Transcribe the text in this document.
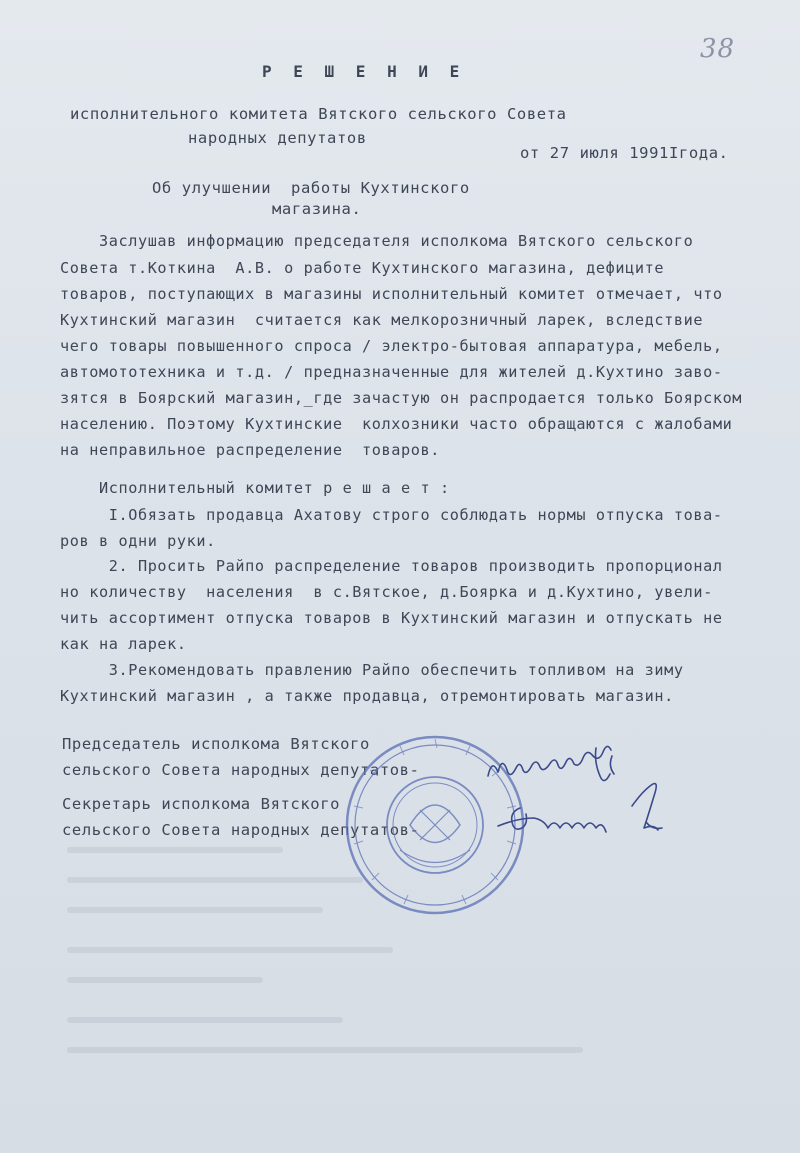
38
Р Е Ш Е Н И Е
исполнительного комитета Вятского сельского Совета
народных депутатов
от 27 июля 1991Iгода.
Об улучшении  работы Кухтинского
магазина.
Заслушав информацию председателя исполкома Вятского сельского
Совета т.Коткина  А.В. о работе Кухтинского магазина, дефиците
товаров, поступающих в магазины исполнительный комитет отмечает, что
Кухтинский магазин  считается как мелкорозничный ларек, вследствие
чего товары повышенного спроса / электро-бытовая аппаратура, мебель,
автомототехника и т.д. / предназначенные для жителей д.Кухтино заво-
зятся в Боярский магазин,_где зачастую он распродается только Боярском
населению. Поэтому Кухтинские  колхозники часто обращаются с жалобами
на неправильное распределение  товаров.
Исполнительный комитет р е ш а е т :
I.Обязать продавца Ахатову строго соблюдать нормы отпуска това-
ров в одни руки.
2. Просить Райпо распределение товаров производить пропорционал
но количеству  населения  в с.Вятское, д.Боярка и д.Кухтино, увели-
чить ассортимент отпуска товаров в Кухтинский магазин и отпускать не
как на ларек.
3.Рекомендовать правлению Райпо обеспечить топливом на зиму
Кухтинский магазин , а также продавца, отремонтировать магазин.
Председатель исполкома Вятского
сельского Совета народных депутатов-
Секретарь исполкома Вятского
сельского Совета народных депутатов-
